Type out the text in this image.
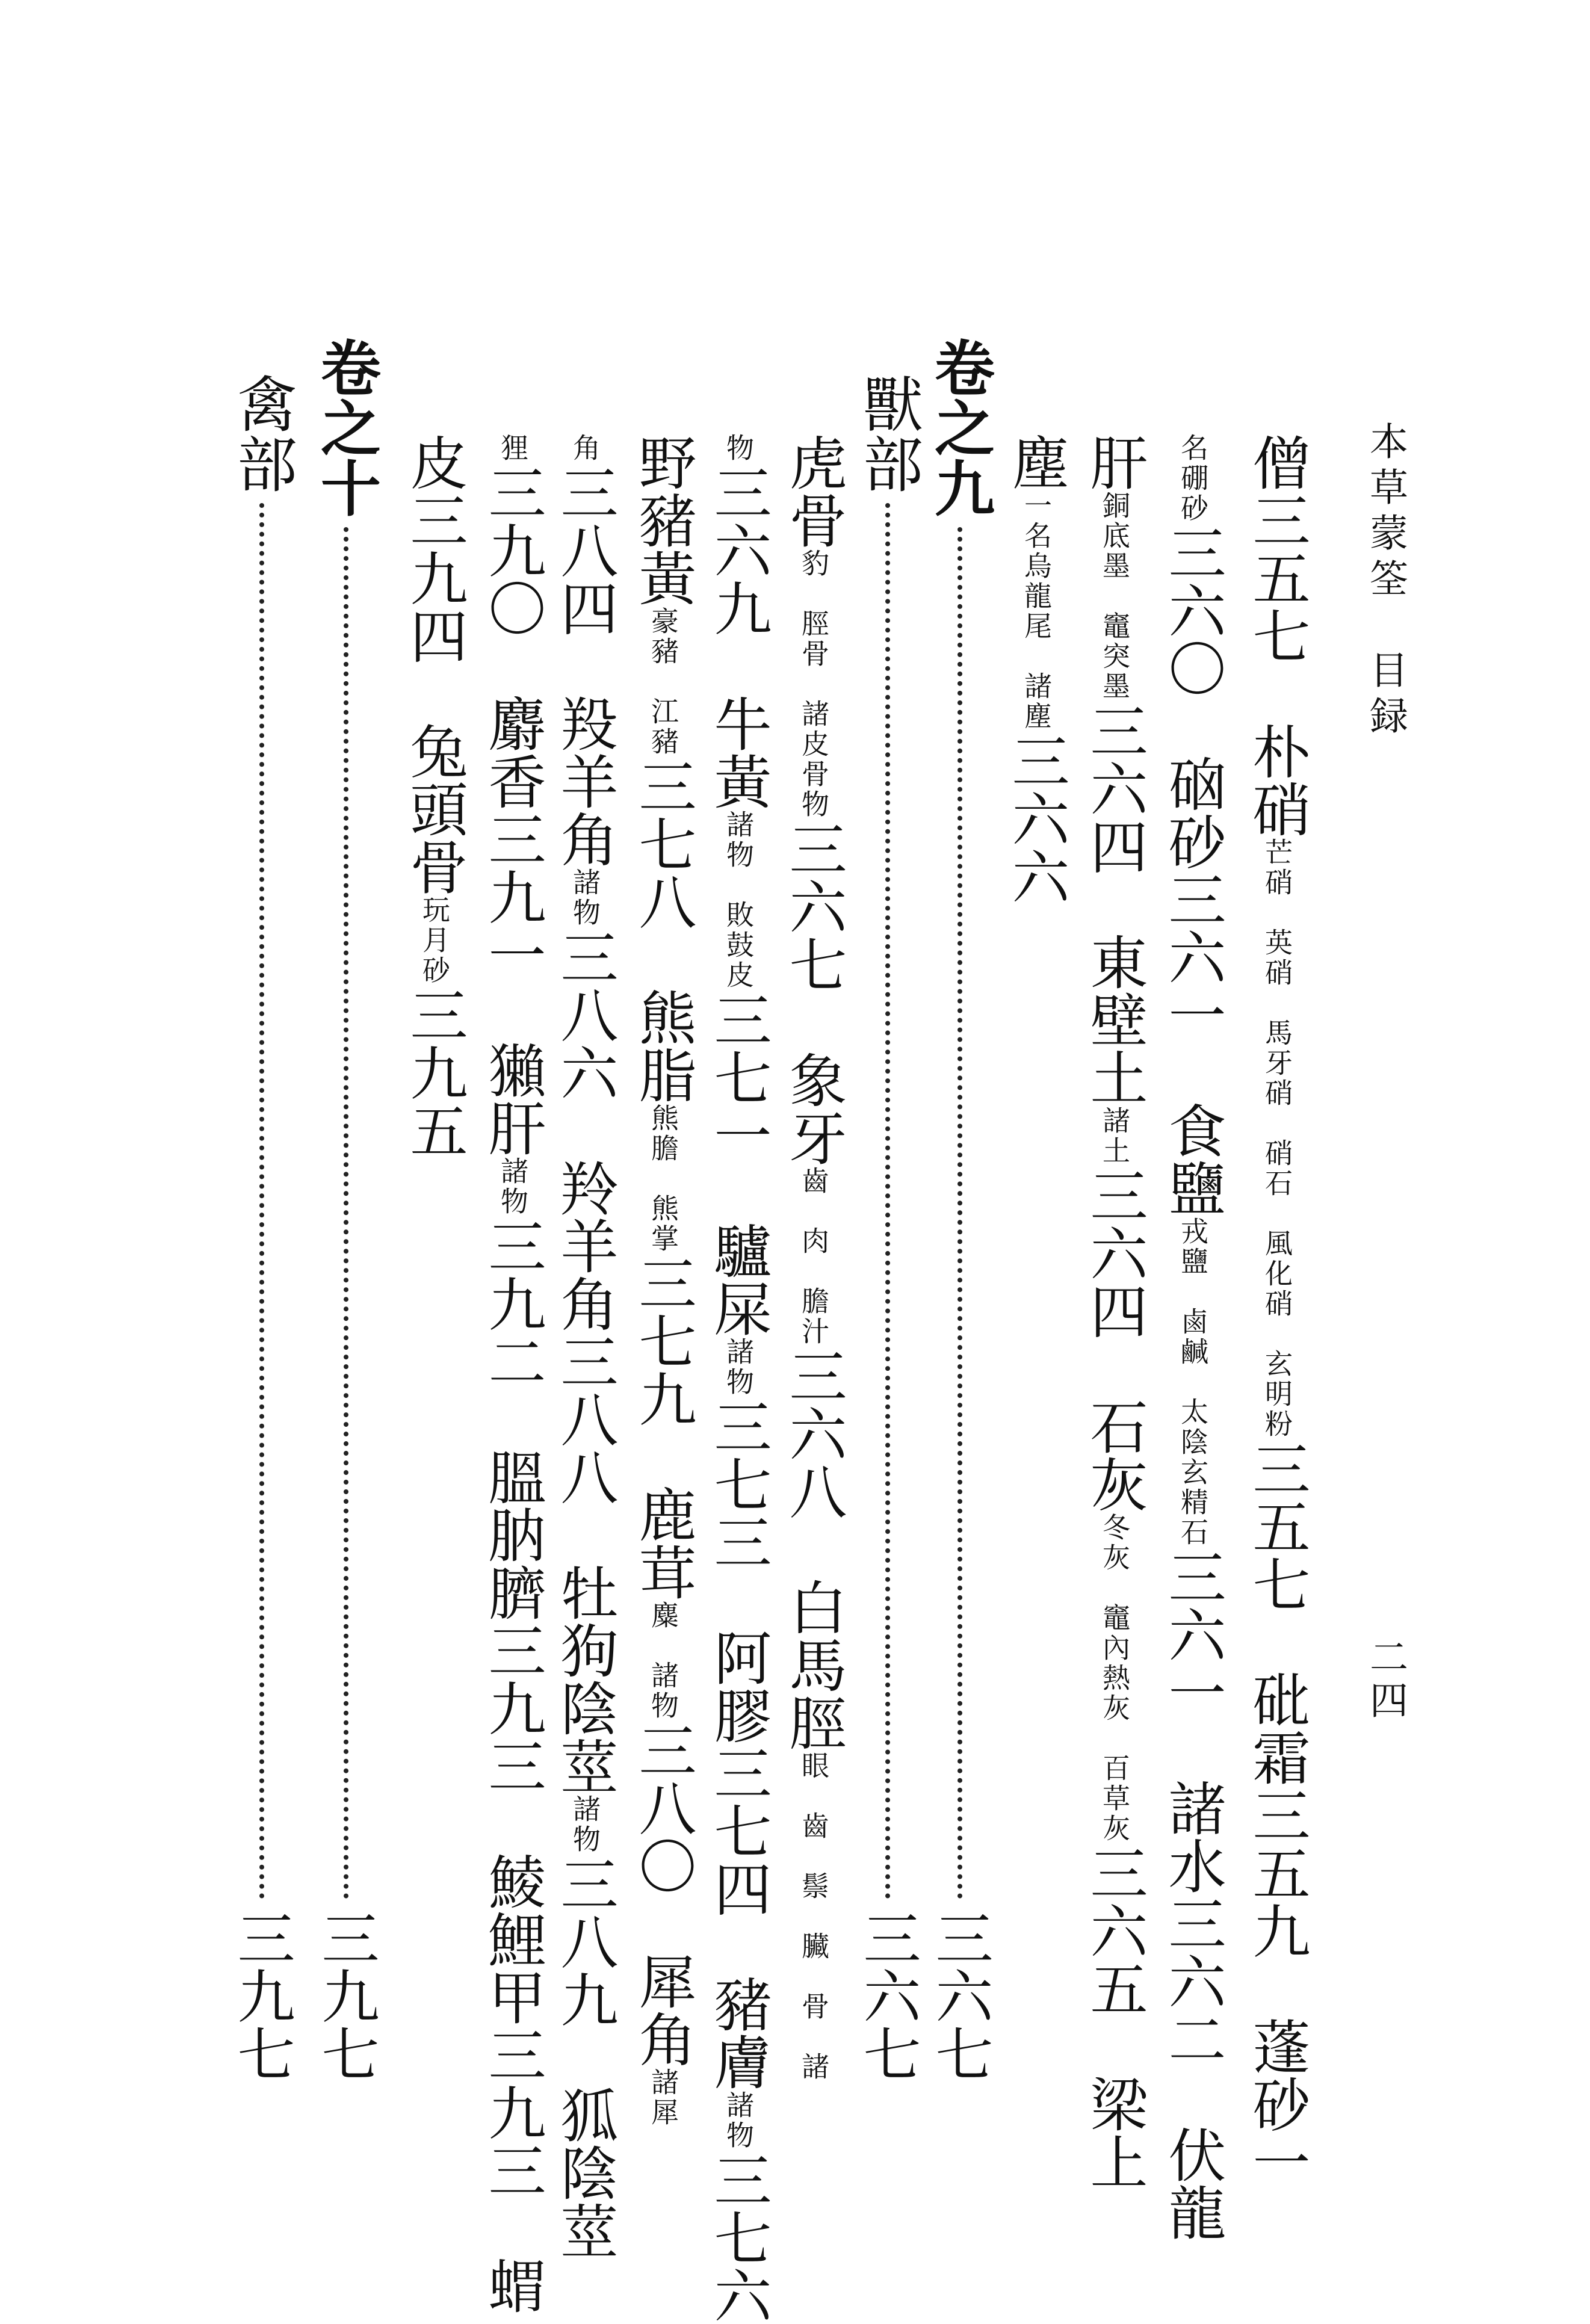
本草蒙筌　目録
二四
僧三五七　朴硝芒硝　英硝　馬牙硝　硝石　風化硝　玄明粉三五七　砒霜三五九　蓬砂一
名硼砂三六〇　硇砂三六一　食鹽戎鹽　鹵鹹　太陰玄精石三六一　諸水三六二　伏龍
肝銅底墨　竈突墨三六四　東壁土諸土三六四　石灰冬灰　竈內熱灰　百草灰三六五　梁上
塵一名烏龍尾　諸塵三六六
卷之九
三六七
獸部
三六七
虎骨豹　脛骨　諸皮骨物三六七　象牙齒　肉　膽汁三六八　白馬脛眼　齒　鬃　臟　骨　諸
物三六九　牛黃諸物　敗鼓皮三七一　驢屎諸物三七三　阿膠三七四　豬膚諸物三七六
野豬黃豪豬　江豬三七八　熊脂熊膽　熊掌三七九　鹿茸麋　諸物三八〇　犀角諸犀
角三八四　羖羊角諸物三八六　羚羊角三八八　牡狗陰莖諸物三八九　狐陰莖
狸三九〇　麝香三九一　獺肝諸物三九二　膃肭臍三九三　鯪鯉甲三九三　蝟
皮三九四　兔頭骨玩月砂三九五
卷之十
三九七
禽部
三九七
